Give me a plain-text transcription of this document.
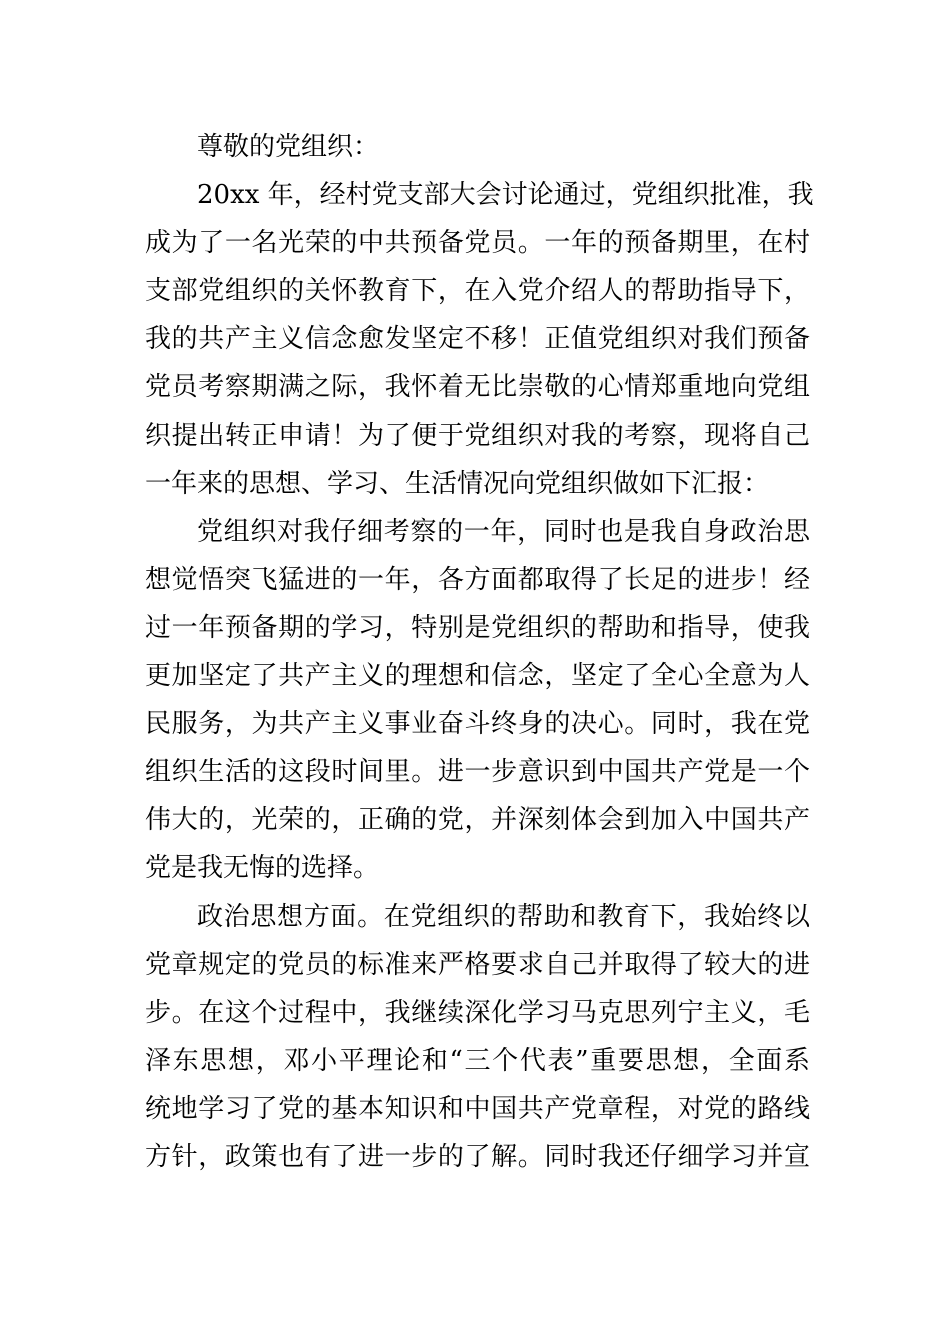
尊敬的党组织：
20xx 年，经村党支部大会讨论通过，党组织批准，我
成为了一名光荣的中共预备党员。一年的预备期里，在村
支部党组织的关怀教育下，在入党介绍人的帮助指导下，
我的共产主义信念愈发坚定不移！正值党组织对我们预备
党员考察期满之际，我怀着无比崇敬的心情郑重地向党组
织提出转正申请！为了便于党组织对我的考察，现将自己
一年来的思想、学习、生活情况向党组织做如下汇报：
党组织对我仔细考察的一年，同时也是我自身政治思
想觉悟突飞猛进的一年，各方面都取得了长足的进步！经
过一年预备期的学习，特别是党组织的帮助和指导，使我
更加坚定了共产主义的理想和信念，坚定了全心全意为人
民服务，为共产主义事业奋斗终身的决心。同时，我在党
组织生活的这段时间里。进一步意识到中国共产党是一个
伟大的，光荣的，正确的党，并深刻体会到加入中国共产
党是我无悔的选择。
政治思想方面。在党组织的帮助和教育下，我始终以
党章规定的党员的标准来严格要求自己并取得了较大的进
步。在这个过程中，我继续深化学习马克思列宁主义，毛
泽东思想，邓小平理论和“三个代表”重要思想，全面系
统地学习了党的基本知识和中国共产党章程，对党的路线
方针，政策也有了进一步的了解。同时我还仔细学习并宣
